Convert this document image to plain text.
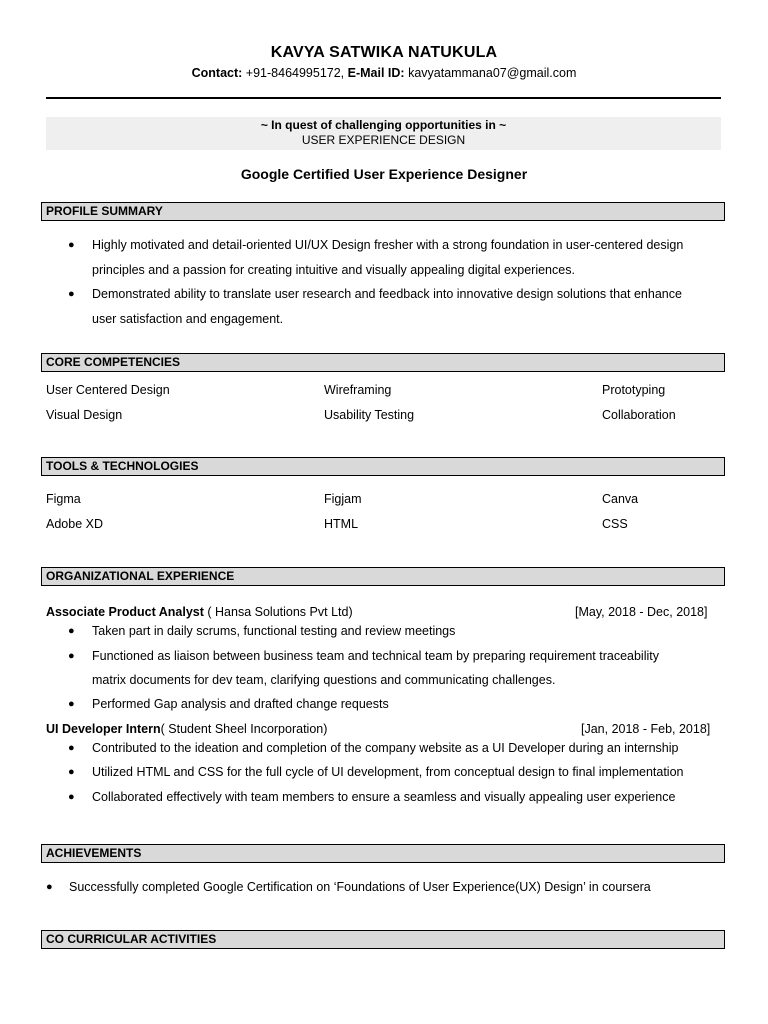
KAVYA SATWIKA NATUKULA
Contact: +91-8464995172, E-Mail ID: kavyatammana07@gmail.com
~ In quest of challenging opportunities in ~
USER EXPERIENCE DESIGN
Google Certified User Experience Designer
PROFILE SUMMARY
● Highly motivated and detail-oriented UI/UX Design fresher with a strong foundation in user-centered design
principles and a passion for creating intuitive and visually appealing digital experiences.
● Demonstrated ability to translate user research and feedback into innovative design solutions that enhance
user satisfaction and engagement.
CORE COMPETENCIES
User Centered Design	Wireframing	Prototyping
Visual Design	Usability Testing	Collaboration
TOOLS & TECHNOLOGIES
Figma	Figjam	Canva
Adobe XD	HTML	CSS
ORGANIZATIONAL EXPERIENCE
Associate Product Analyst ( Hansa Solutions Pvt Ltd)	[May, 2018 - Dec, 2018]
● Taken part in daily scrums, functional testing and review meetings
● Functioned as liaison between business team and technical team by preparing requirement traceability
matrix documents for dev team, clarifying questions and communicating challenges.
● Performed Gap analysis and drafted change requests
UI Developer Intern( Student Sheel Incorporation)	[Jan, 2018 - Feb, 2018]
● Contributed to the ideation and completion of the company website as a UI Developer during an internship
● Utilized HTML and CSS for the full cycle of UI development, from conceptual design to final implementation
● Collaborated effectively with team members to ensure a seamless and visually appealing user experience
ACHIEVEMENTS
● Successfully completed Google Certification on ‘Foundations of User Experience(UX) Design’ in coursera
CO CURRICULAR ACTIVITIES
